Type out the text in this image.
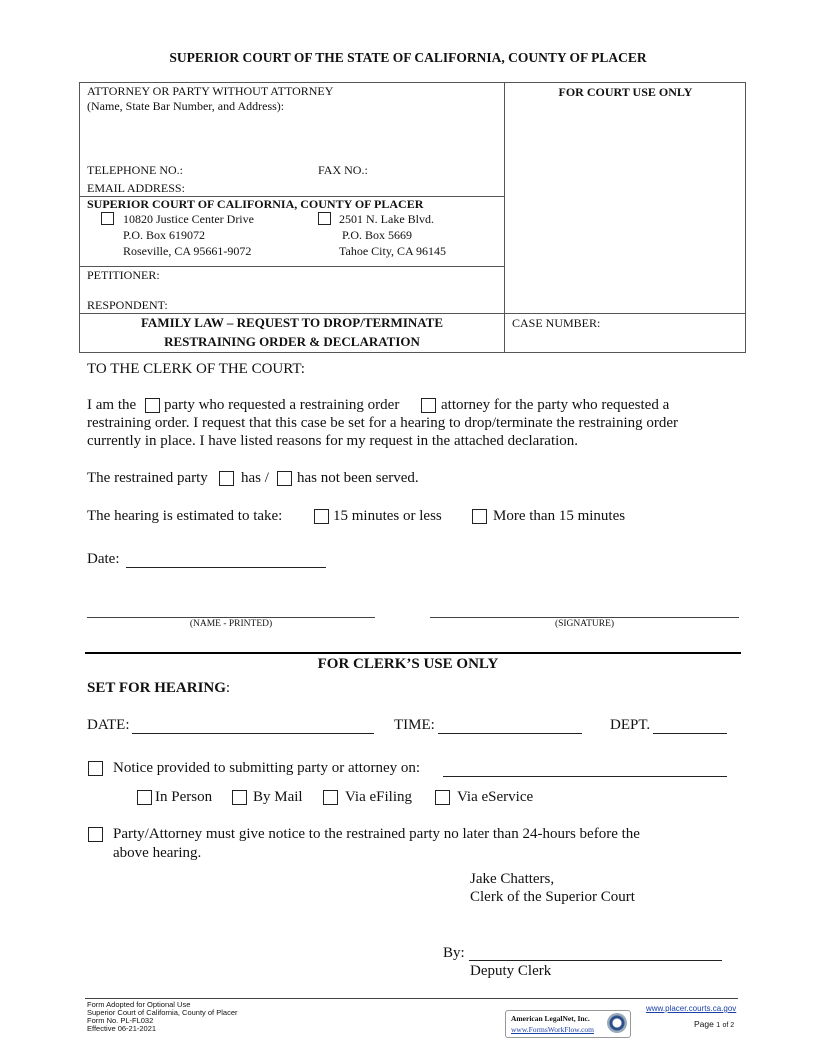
SUPERIOR COURT OF THE STATE OF CALIFORNIA, COUNTY OF PLACER
ATTORNEY OR PARTY WITHOUT ATTORNEY
(Name, State Bar Number, and Address):
TELEPHONE NO.:	FAX NO.:
EMAIL ADDRESS:
FOR COURT USE ONLY
SUPERIOR COURT OF CALIFORNIA, COUNTY OF PLACER
10820 Justice Center Drive
P.O. Box 619072
Roseville, CA 95661-9072
2501 N. Lake Blvd.
P.O. Box 5669
Tahoe City, CA 96145
PETITIONER:
RESPONDENT:
FAMILY LAW – REQUEST TO DROP/TERMINATE
RESTRAINING ORDER & DECLARATION
CASE NUMBER:
TO THE CLERK OF THE COURT:
I am the party who requested a restraining order	attorney for the party who requested a
restraining order. I request that this case be set for a hearing to drop/terminate the restraining order
currently in place. I have listed reasons for my request in the attached declaration.
The restrained party has / has not been served.
The hearing is estimated to take:	15 minutes or less	More than 15 minutes
Date:
(NAME - PRINTED)	(SIGNATURE)
FOR CLERK’S USE ONLY
SET FOR HEARING:
DATE:	TIME:	DEPT.
Notice provided to submitting party or attorney on:
In Person	By Mail	Via eFiling	Via eService
Party/Attorney must give notice to the restrained party no later than 24-hours before the
above hearing.
Jake Chatters,
Clerk of the Superior Court
By:
Deputy Clerk
Form Adopted for Optional Use
Superior Court of California, County of Placer
Form No. PL-FL032
Effective 06-21-2021
American LegalNet, Inc.
www.FormsWorkFlow.com
www.placer.courts.ca.gov
Page 1 of 2
